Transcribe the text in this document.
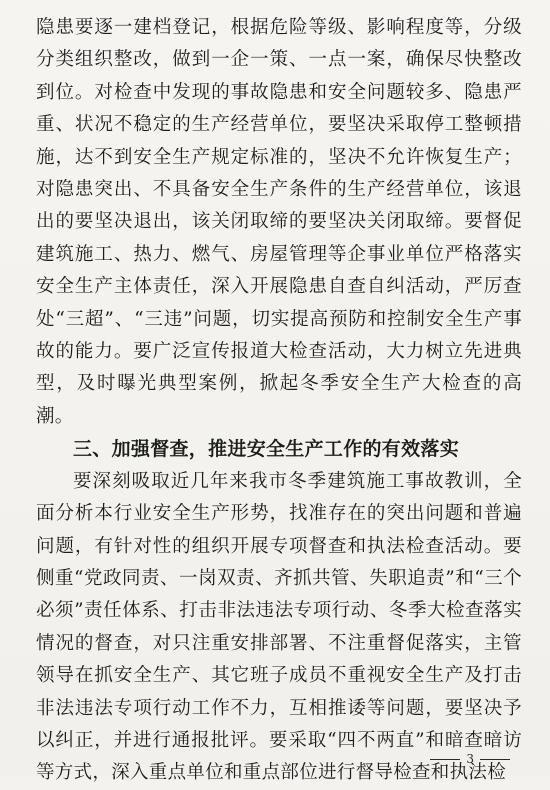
隐患要逐一建档登记，根据危险等级、影响程度等，分级分类组织整改，做到一企一策、一点一案，确保尽快整改到位。对检查中发现的事故隐患和安全问题较多、隐患严重、状况不稳定的生产经营单位，要坚决采取停工整顿措施，达不到安全生产规定标准的，坚决不允许恢复生产；对隐患突出、不具备安全生产条件的生产经营单位，该退出的要坚决退出，该关闭取缔的要坚决关闭取缔。要督促建筑施工、热力、燃气、房屋管理等企事业单位严格落实安全生产主体责任，深入开展隐患自查自纠活动，严厉查处“三超”、“三违”问题，切实提高预防和控制安全生产事故的能力。要广泛宣传报道大检查活动，大力树立先进典型，及时曝光典型案例，掀起冬季安全生产大检查的高潮。

三、加强督查，推进安全生产工作的有效落实

要深刻吸取近几年来我市冬季建筑施工事故教训，全面分析本行业安全生产形势，找准存在的突出问题和普遍问题，有针对性的组织开展专项督查和执法检查活动。要侧重“党政同责、一岗双责、齐抓共管、失职追责”和“三个必须”责任体系、打击非法违法专项行动、冬季大检查落实情况的督查，对只注重安排部署、不注重督促落实，主管领导在抓安全生产、其它班子成员不重视安全生产及打击非法违法专项行动工作不力，互相推诿等问题，要坚决予以纠正，并进行通报批评。要采取“四不两直”和暗查暗访等方式，深入重点单位和重点部位进行督导检查和执法检

3
